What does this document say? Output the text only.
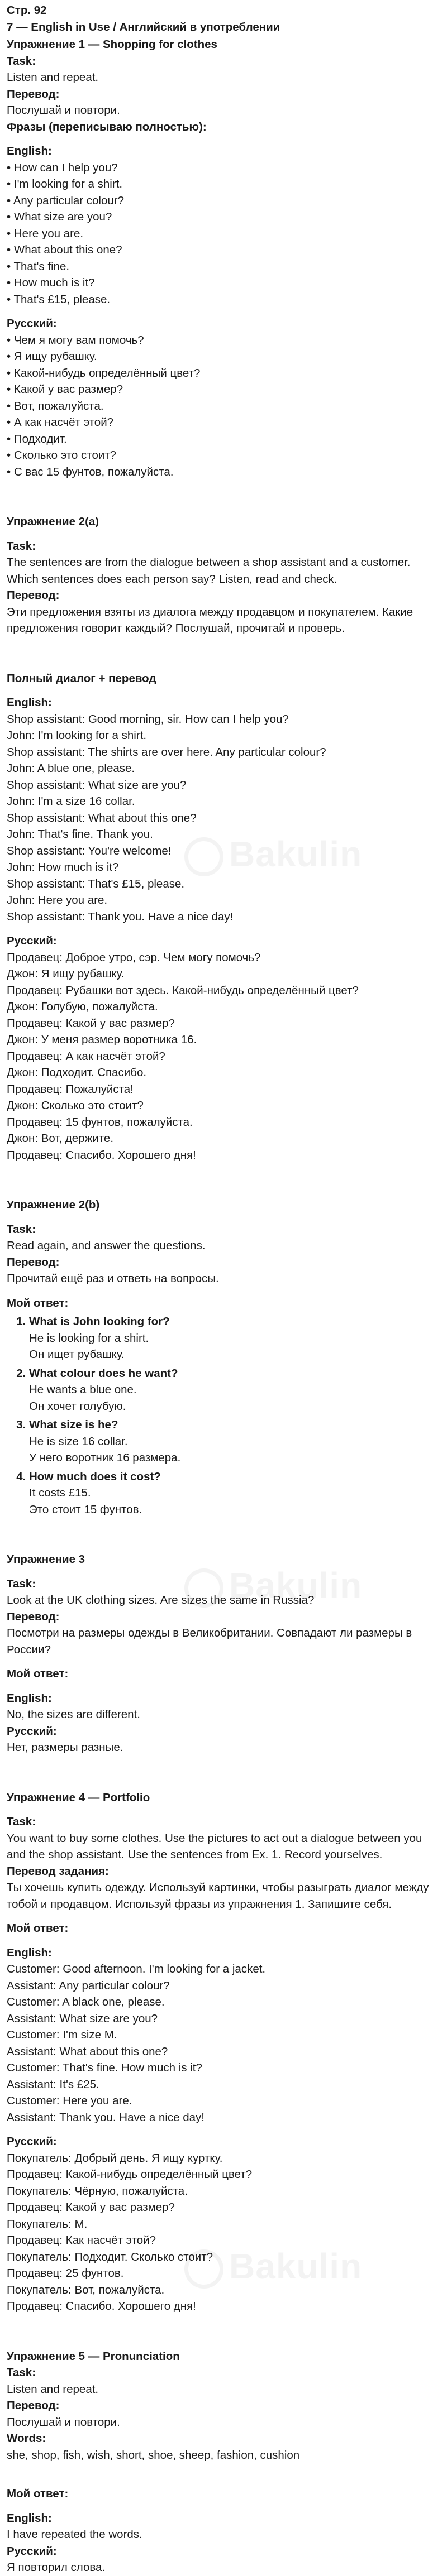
Bakulin
Bakulin
Bakulin

Стр. 92

7 — English in Use / Английский в употреблении

Упражнение 1 — Shopping for clothes

Task:

Listen and repeat.

Перевод:

Послушай и повтори.

Фразы (переписываю полностью):

English:

• How can I help you?

• I'm looking for a shirt.

• Any particular colour?

• What size are you?

• Here you are.

• What about this one?

• That's fine.

• How much is it?

• That's £15, please.

Русский:

• Чем я могу вам помочь?

• Я ищу рубашку.

• Какой-нибудь определённый цвет?

• Какой у вас размер?

• Вот, пожалуйста.

• А как насчёт этой?

• Подходит.

• Сколько это стоит?

• С вас 15 фунтов, пожалуйста.

Упражнение 2(a)

Task:

The sentences are from the dialogue between a shop assistant and a customer. Which sentences does each person say? Listen, read and check.

Перевод:

Эти предложения взяты из диалога между продавцом и покупателем. Какие предложения говорит каждый? Послушай, прочитай и проверь.

Полный диалог + перевод

English:

Shop assistant: Good morning, sir. How can I help you?

John: I'm looking for a shirt.

Shop assistant: The shirts are over here. Any particular colour?

John: A blue one, please.

Shop assistant: What size are you?

John: I'm a size 16 collar.

Shop assistant: What about this one?

John: That's fine. Thank you.

Shop assistant: You're welcome!

John: How much is it?

Shop assistant: That's £15, please.

John: Here you are.

Shop assistant: Thank you. Have a nice day!

Русский:

Продавец: Доброе утро, сэр. Чем могу помочь?

Джон: Я ищу рубашку.

Продавец: Рубашки вот здесь. Какой-нибудь определённый цвет?

Джон: Голубую, пожалуйста.

Продавец: Какой у вас размер?

Джон: У меня размер воротника 16.

Продавец: А как насчёт этой?

Джон: Подходит. Спасибо.

Продавец: Пожалуйста!

Джон: Сколько это стоит?

Продавец: 15 фунтов, пожалуйста.

Джон: Вот, держите.

Продавец: Спасибо. Хорошего дня!

Упражнение 2(b)

Task:

Read again, and answer the questions.

Перевод:

Прочитай ещё раз и ответь на вопросы.

Мой ответ:

1. What is John looking for?
He is looking for a shirt.
Он ищет рубашку.
2. What colour does he want?
He wants a blue one.
Он хочет голубую.
3. What size is he?
He is size 16 collar.
У него воротник 16 размера.
4. How much does it cost?
It costs £15.
Это стоит 15 фунтов.

Упражнение 3

Task:

Look at the UK clothing sizes. Are sizes the same in Russia?

Перевод:

Посмотри на размеры одежды в Великобритании. Совпадают ли размеры в России?

Мой ответ:

English:

No, the sizes are different.

Русский:

Нет, размеры разные.

Упражнение 4 — Portfolio

Task:

You want to buy some clothes. Use the pictures to act out a dialogue between you and the shop assistant. Use the sentences from Ex. 1. Record yourselves.

Перевод задания:

Ты хочешь купить одежду. Используй картинки, чтобы разыграть диалог между тобой и продавцом. Используй фразы из упражнения 1. Запишите себя.

Мой ответ:

English:

Customer: Good afternoon. I'm looking for a jacket.

Assistant: Any particular colour?

Customer: A black one, please.

Assistant: What size are you?

Customer: I'm size M.

Assistant: What about this one?

Customer: That's fine. How much is it?

Assistant: It's £25.

Customer: Here you are.

Assistant: Thank you. Have a nice day!

Русский:

Покупатель: Добрый день. Я ищу куртку.

Продавец: Какой-нибудь определённый цвет?

Покупатель: Чёрную, пожалуйста.

Продавец: Какой у вас размер?

Покупатель: M.

Продавец: Как насчёт этой?

Покупатель: Подходит. Сколько стоит?

Продавец: 25 фунтов.

Покупатель: Вот, пожалуйста.

Продавец: Спасибо. Хорошего дня!

Упражнение 5 — Pronunciation

Task:

Listen and repeat.

Перевод:

Послушай и повтори.

Words:

she, shop, fish, wish, short, shoe, sheep, fashion, cushion

Мой ответ:

English:

I have repeated the words.

Русский:

Я повторил слова.
